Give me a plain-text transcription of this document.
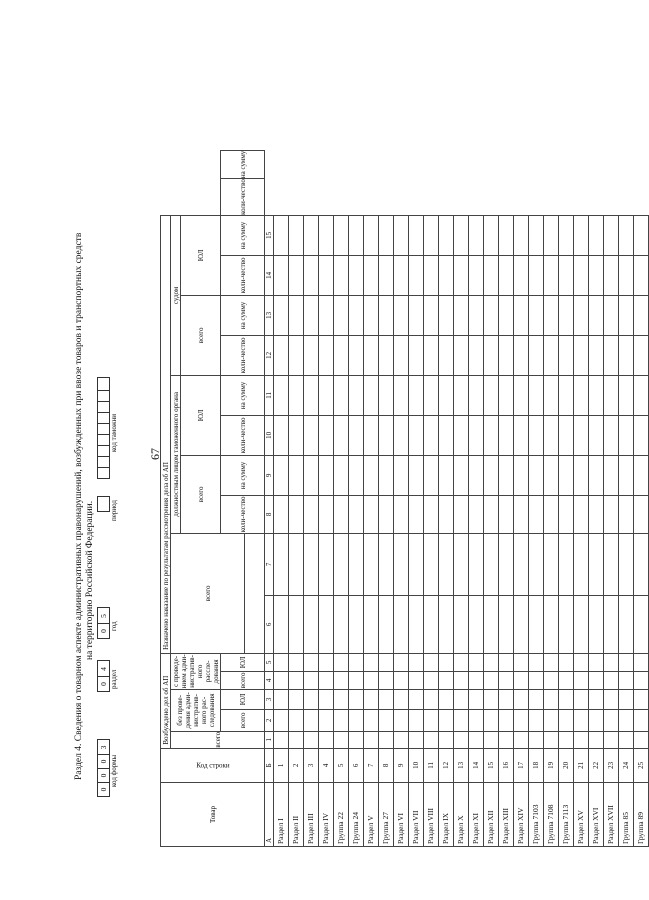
67
Раздел 4. Сведения о товарном аспекте административных правонарушений, возбужденных при ввозе товаров и транспортных средств на территорию Российской Федерации.
0
0
0
3
код формы
0
4
раздел
0
5
год
период
код таможни
Товар	Код строки	Возбуждено дел об АП					Назначено наказание по результатам рассмотрения дела об АП											
		всего	без прове-дения адми-нистратив-ного рас-следования		с проведе-нием адми-нистратив-ного рассле-дования		всего		должностным лицом таможенного органа				судом					
									всего		ЮЛ		всего		ЮЛ			
			всего	ЮЛ	всего	ЮЛ			коли-чество	на сумму	коли-чество	на сумму	коли-чество	на сумму	коли-чество	на сумму	коли-чество	на сумму

А	Б	1	2	3	4	5	6	7	8	9	10	11	12	13	14	15		
Раздел I	1																	
Раздел II	2																	
Раздел III	3																	
Раздел IV	4																	
Группа 22	5																	
Группа 24	6																	
Раздел V	7																	
Группа 27	8																	
Раздел VI	9																	
Раздел VII	10																	
Раздел VIII	11																	
Раздел IX	12																	
Раздел X	13																	
Раздел XI	14																	
Раздел XII	15																	
Раздел XIII	16																	
Раздел XIV	17																	
Группа 7103	18																	
Группа 7108	19																	
Группа 7113	20																	
Раздел XV	21																	
Раздел XVI	22																	
Раздел XVII	23																	
Группа 85	24																	
Группа 89	25																	
